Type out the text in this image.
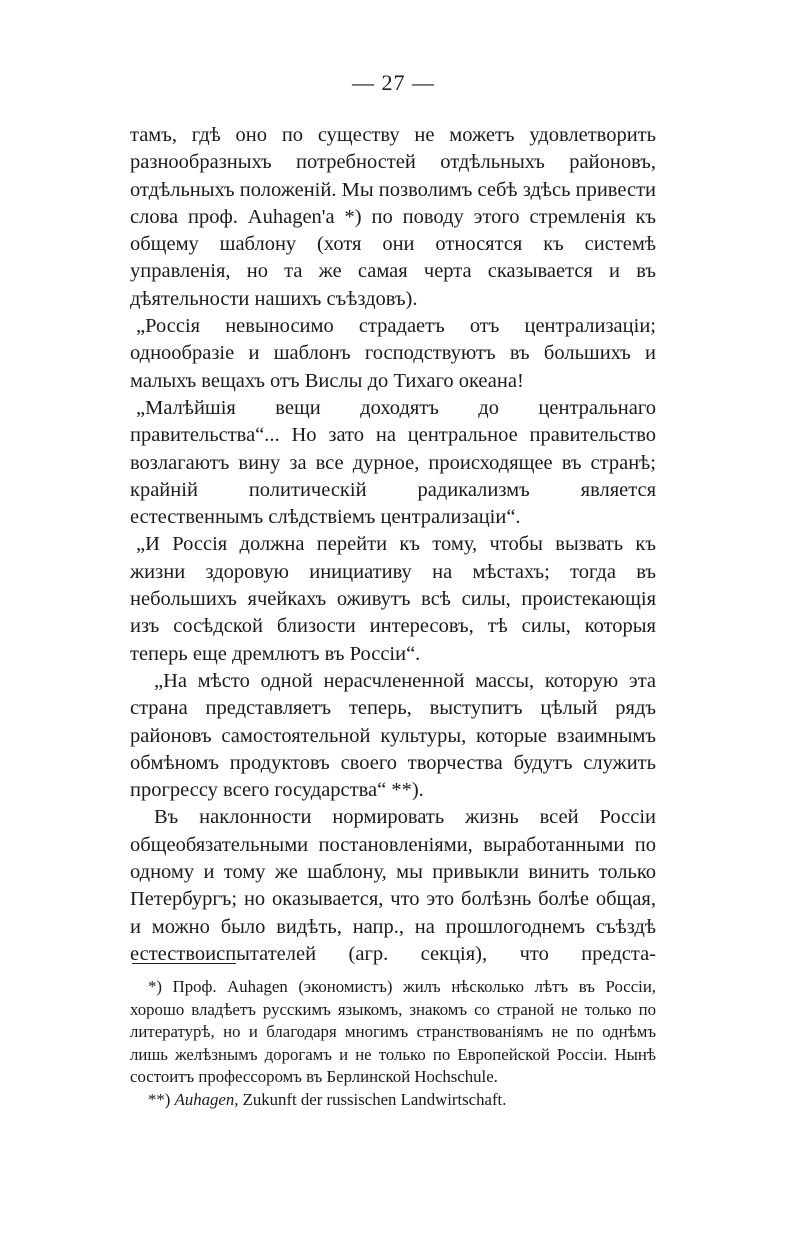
— 27 —

тамъ, гдѣ оно по существу не можетъ удовлетворить разнообразныхъ потребностей отдѣльныхъ районовъ, отдѣльныхъ положеній. Мы позволимъ себѣ здѣсь привести слова проф. Auhagen'a *) по поводу этого стремленія къ общему шаблону (хотя они относятся къ системѣ управленія, но та же самая черта сказывается и въ дѣятельности нашихъ съѣздовъ).

„Россія невыносимо страдаетъ отъ централизаціи; однообразіе и шаблонъ господствуютъ въ большихъ и малыхъ вещахъ отъ Вислы до Тихаго океана!

„Малѣйшія вещи доходятъ до центральнаго правительства“... Но зато на центральное правительство возлагаютъ вину за все дурное, происходящее въ странѣ; крайній политическій радикализмъ является естественнымъ слѣдствіемъ централизаціи“.

„И Россія должна перейти къ тому, чтобы вызвать къ жизни здоровую инициативу на мѣстахъ; тогда въ небольшихъ ячейкахъ оживутъ всѣ силы, проистекающія изъ сосѣдской близости интересовъ, тѣ силы, которыя теперь еще дремлютъ въ Россіи“.

„На мѣсто одной нерасчлененной массы, которую эта страна представляетъ теперь, выступитъ цѣлый рядъ районовъ самостоятельной культуры, которые взаимнымъ обмѣномъ продуктовъ своего творчества будутъ служить прогрессу всего государства“ **).

Въ наклонности нормировать жизнь всей Россіи общеобязательными постановленіями, выработанными по одному и тому же шаблону, мы привыкли винить только Петербургъ; но оказывается, что это болѣзнь болѣе общая, и можно было видѣть, напр., на прошлогоднемъ съѣздѣ естествоиспытателей (агр. секція), что предста-

*) Проф. Auhagen (экономистъ) жилъ нѣсколько лѣтъ въ Россіи, хорошо владѣетъ русскимъ языкомъ, знакомъ со страной не только по литературѣ, но и благодаря многимъ странствованіямъ не по однѣмъ лишь желѣзнымъ дорогамъ и не только по Европейской Россіи. Нынѣ состоитъ профессоромъ въ Берлинской Hochschule.

**) Auhagen, Zukunft der russischen Landwirtschaft.
